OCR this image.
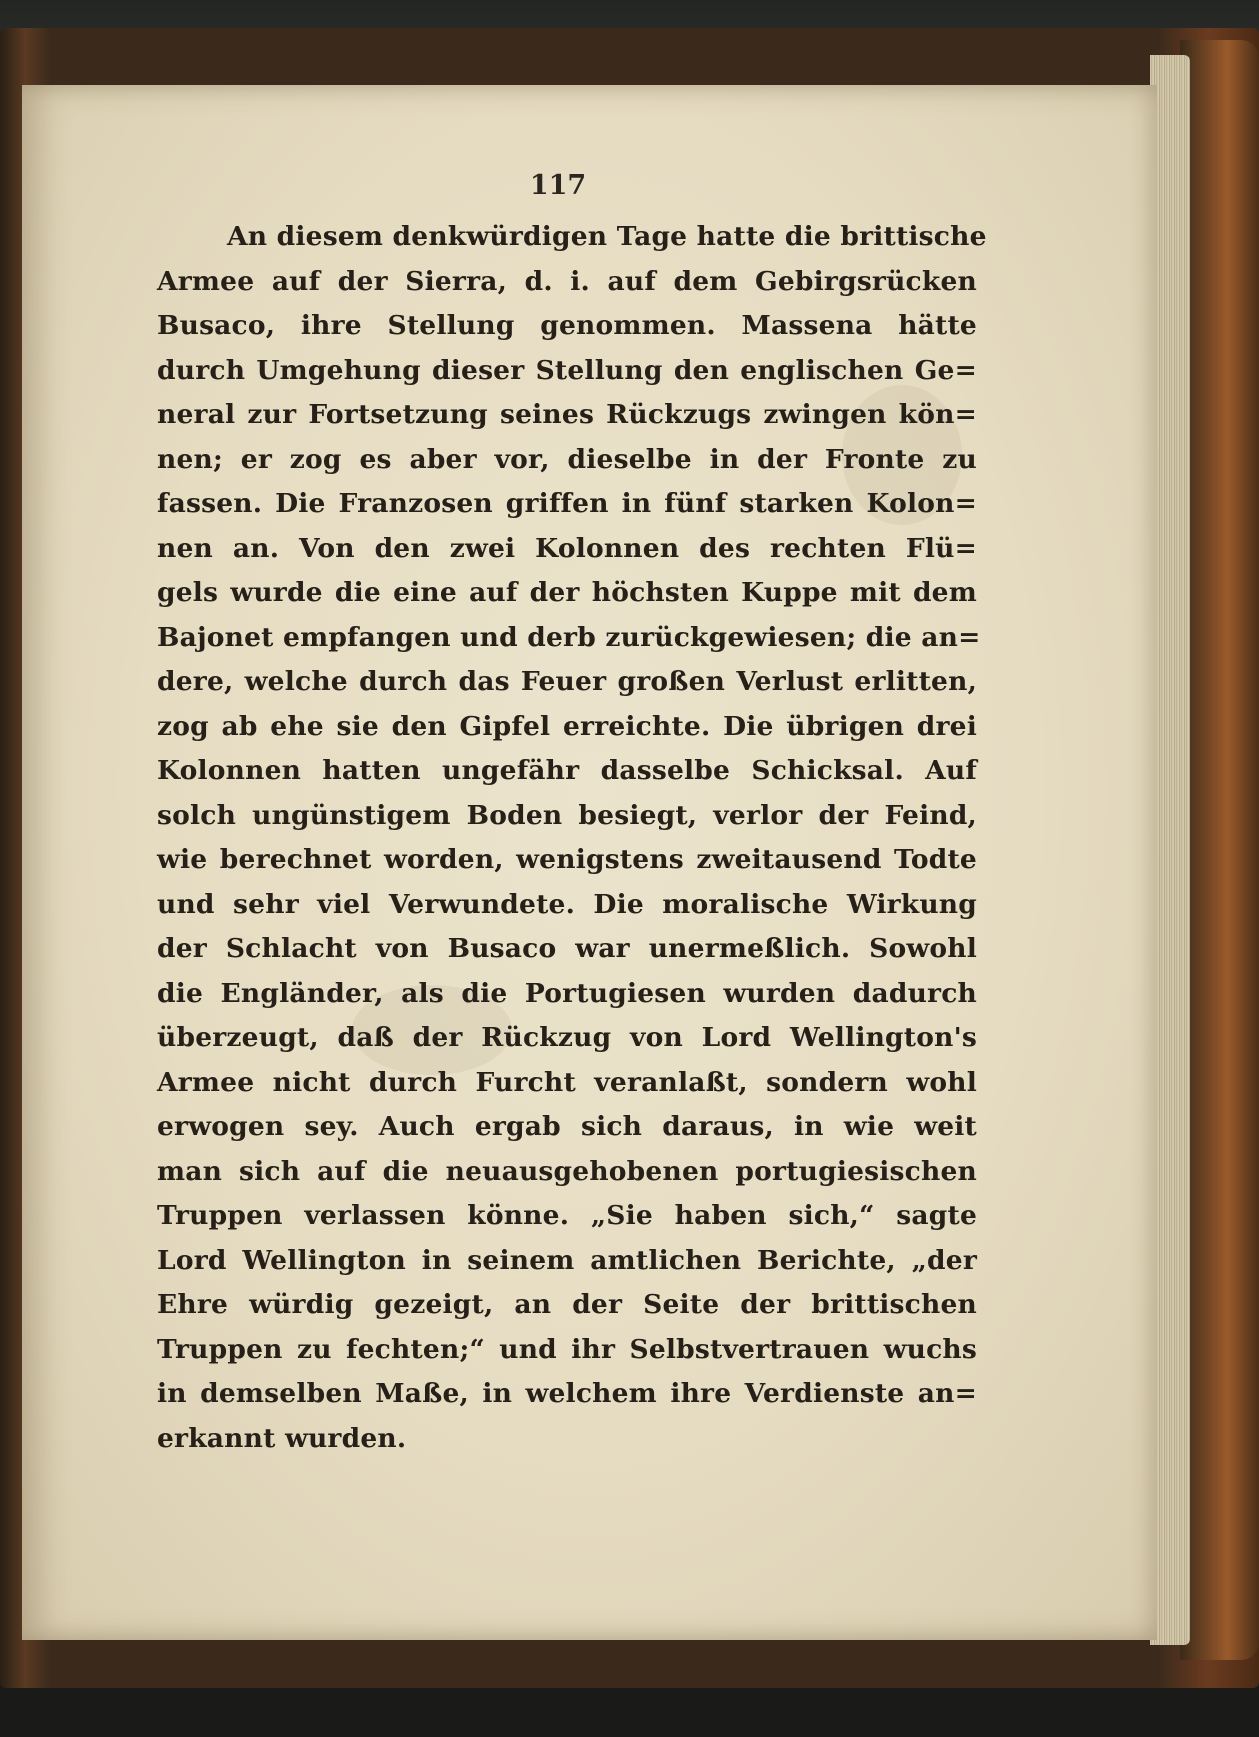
117
An diesem denkwürdigen Tage hatte die brittische
Armee auf der Sierra, d. i. auf dem Gebirgsrücken
Busaco, ihre Stellung genommen. Massena hätte
durch Umgehung dieser Stellung den englischen Ge=
neral zur Fortsetzung seines Rückzugs zwingen kön=
nen; er zog es aber vor, dieselbe in der Fronte zu
fassen. Die Franzosen griffen in fünf starken Kolon=
nen an. Von den zwei Kolonnen des rechten Flü=
gels wurde die eine auf der höchsten Kuppe mit dem
Bajonet empfangen und derb zurückgewiesen; die an=
dere, welche durch das Feuer großen Verlust erlitten,
zog ab ehe sie den Gipfel erreichte. Die übrigen drei
Kolonnen hatten ungefähr dasselbe Schicksal. Auf
solch ungünstigem Boden besiegt, verlor der Feind,
wie berechnet worden, wenigstens zweitausend Todte
und sehr viel Verwundete. Die moralische Wirkung
der Schlacht von Busaco war unermeßlich. Sowohl
die Engländer, als die Portugiesen wurden dadurch
überzeugt, daß der Rückzug von Lord Wellington's
Armee nicht durch Furcht veranlaßt, sondern wohl
erwogen sey. Auch ergab sich daraus, in wie weit
man sich auf die neuausgehobenen portugiesischen
Truppen verlassen könne. „Sie haben sich,“ sagte
Lord Wellington in seinem amtlichen Berichte, „der
Ehre würdig gezeigt, an der Seite der brittischen
Truppen zu fechten;“ und ihr Selbstvertrauen wuchs
in demselben Maße, in welchem ihre Verdienste an=
erkannt wurden.
